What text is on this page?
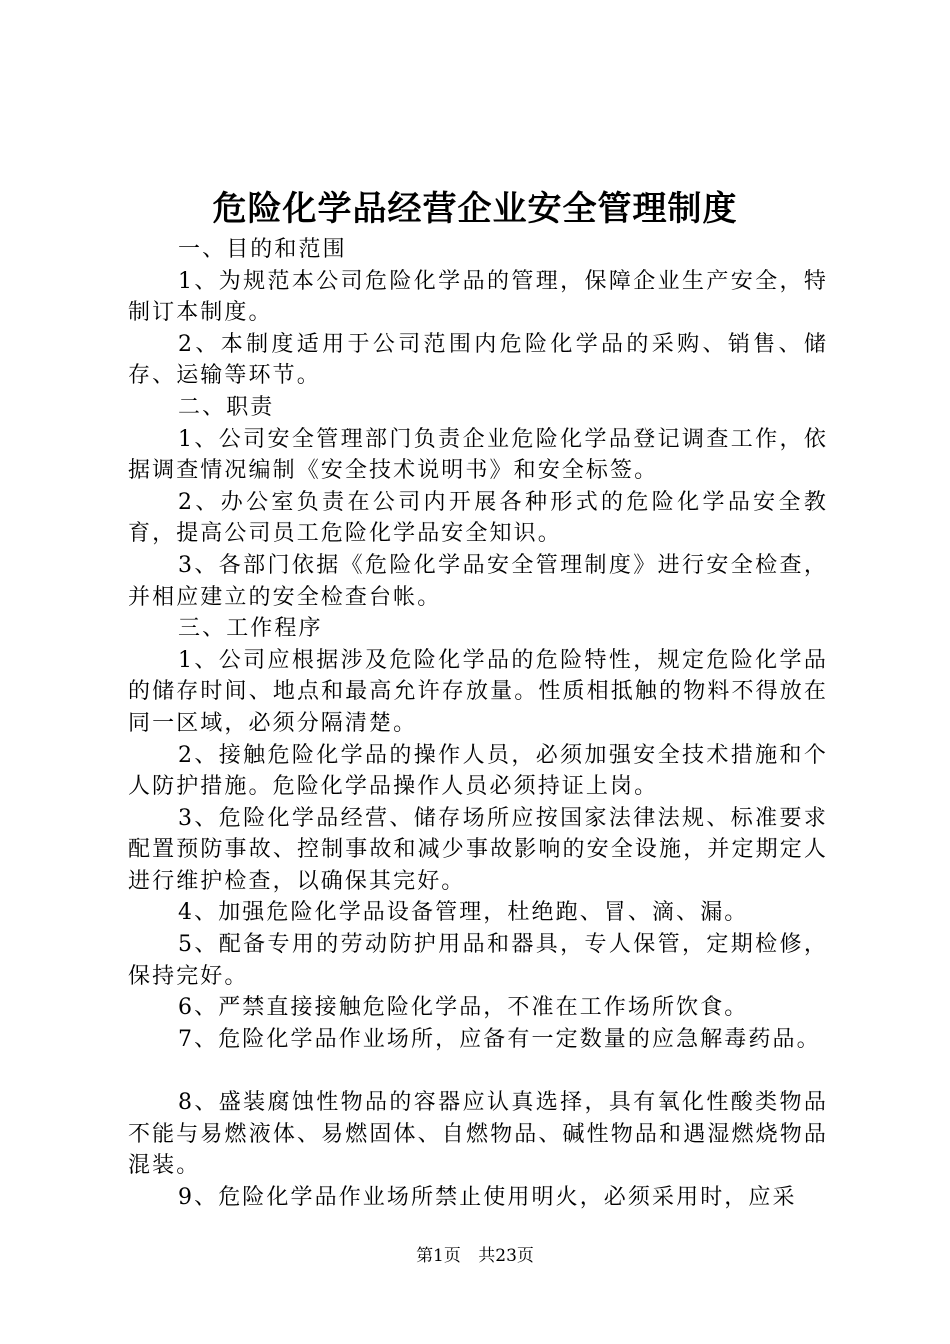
危险化学品经营企业安全管理制度

一、目的和范围

1、为规范本公司危险化学品的管理，保障企业生产安全，特制订本制度。

2、本制度适用于公司范围内危险化学品的采购、销售、储存、运输等环节。

二、职责

1、公司安全管理部门负责企业危险化学品登记调查工作，依据调查情况编制《安全技术说明书》和安全标签。

2、办公室负责在公司内开展各种形式的危险化学品安全教育，提高公司员工危险化学品安全知识。

3、各部门依据《危险化学品安全管理制度》进行安全检查，并相应建立的安全检查台帐。

三、工作程序

1、公司应根据涉及危险化学品的危险特性，规定危险化学品的储存时间、地点和最高允许存放量。性质相抵触的物料不得放在同一区域，必须分隔清楚。

2、接触危险化学品的操作人员，必须加强安全技术措施和个人防护措施。危险化学品操作人员必须持证上岗。

3、危险化学品经营、储存场所应按国家法律法规、标准要求配置预防事故、控制事故和减少事故影响的安全设施，并定期定人进行维护检查，以确保其完好。

4、加强危险化学品设备管理，杜绝跑、冒、滴、漏。

5、配备专用的劳动防护用品和器具，专人保管，定期检修，保持完好。

6、严禁直接接触危险化学品，不准在工作场所饮食。

7、危险化学品作业场所，应备有一定数量的应急解毒药品。

8、盛装腐蚀性物品的容器应认真选择，具有氧化性酸类物品不能与易燃液体、易燃固体、自燃物品、碱性物品和遇湿燃烧物品混装。

9、危险化学品作业场所禁止使用明火，必须采用时，应采

第1页 共23页
